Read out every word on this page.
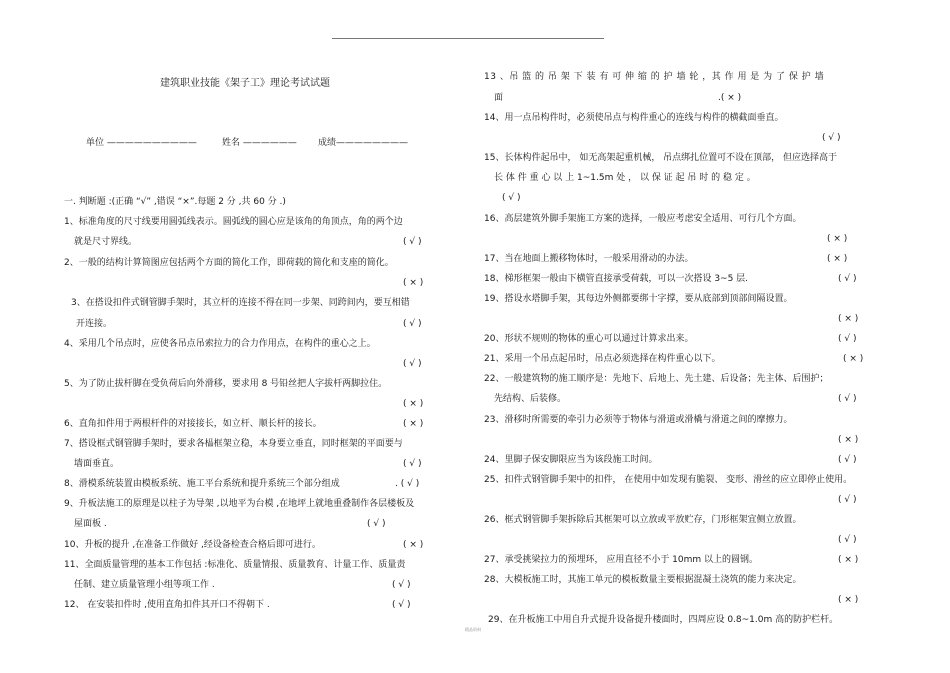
建筑职业技能《架子工》理论考试试题
单位 ——————————	姓名 —————— 成绩————————
一. 判断题 :(正确 “√” ,错误 “×”.每题 2 分 ,共 60 分 .)
1、标准角度的尺寸线要用圆弧线表示。圆弧线的圆心应是该角的角顶点，角的两个边
就是尺寸界线。	( √ )
2、一般的结构计算简图应包括两个方面的简化工作，即荷载的简化和支座的简化。
( × )
3、在搭设扣件式钢管脚手架时，其立杆的连接不得在同一步架、同跨间内，要互相错
开连接。	( √ )
4、采用几个吊点时，应使各吊点吊索拉力的合力作用点，在构件的重心之上。
( √ )
5、为了防止拔杆脚在受负荷后向外滑移，要求用 8 号铅丝把人字拔杆两脚拉住。
( × )
6、直角扣件用于两根杆件的对接接长，如立杆、顺长杆的接长。	( × )
7、搭设框式钢管脚手架时，要求各榀框架立稳，本身要立垂直，同时框架的平面要与
墙面垂直。	( √ )
8、滑模系统装置由模板系统、施工平台系统和提升系统三个部分组成	. ( √ )
9、升板法施工的原理是以柱子为导架 ,以地平为台模 ,在地坪上就地重叠制作各层楼板及
屋面板 .	( √ )
10、升板的提升 ,在准备工作做好 ,经设备检查合格后即可进行。	( × )
11、全面质量管理的基本工作包括 :标准化、质量情报、质量教育、计量工作、质量责
任制、建立质量管理小组等项工作 .	( √ )
12、 在安装扣件时 ,使用直角扣件其开口不得朝下 .	( √ )
13 、吊 篮 的 吊 架 下 装 有 可 伸 缩 的 护 墙 轮 ，其 作 用 是 为 了 保 护 墙
面	.( × )
14、用一点吊构件时，必须使吊点与构件重心的连线与构件的横截面垂直。
( √ )
15、长体构件起吊中， 如无高架起重机械， 吊点绑扎位置可不设在顶部， 但应选择高于
长 体 件 重 心 以 上 1~1.5m 处 ， 以 保 证 起 吊 时 的 稳 定 。
( √ )
16、高层建筑外脚手架施工方案的选择，一般应考虑安全适用、可行几个方面。
( × )
17、当在地面上搬移物体时，一般采用滑动的办法。	( × )
18、梯形框架一般由下横管直接承受荷载，可以一次搭设 3~5 层.	( √ )
19、搭设水塔脚手架，其每边外侧都要绑十字撑，要从底部到顶部间隔设置。
( × )
20、形状不规则的物体的重心可以通过计算求出来。	( √ )
21、采用一个吊点起吊时，吊点必须选择在构件重心以下。	( × )
22、一般建筑物的施工顺序是：先地下、后地上、先土建、后设备；先主体、后围护；
先结构、后装修。	( √ )
23、滑移时所需要的牵引力必须等于物体与滑道或滑橇与滑道之间的摩擦力。
( × )
24、里脚子保安脚限应当为该段施工时间。	( √ )
25、扣件式钢管脚手架中的扣件， 在使用中如发现有脆裂、 变形、滑丝的应立即停止使用。
( √ )
26、框式钢管脚手架拆除后其框架可以立放或平放贮存，门形框架宜侧立放置。
( √ )
27、承受挑梁拉力的预埋环， 应用直径不小于 10mm 以上的圆钢。	( × )
28、大模板施工时，其施工单元的模板数量主要根据混凝土浇筑的能力来决定。
( × )
29、在升板施工中用自升式提升设备提升楼面时，四周应设 0.8~1.0m 高的防护栏杆。
精品资料
